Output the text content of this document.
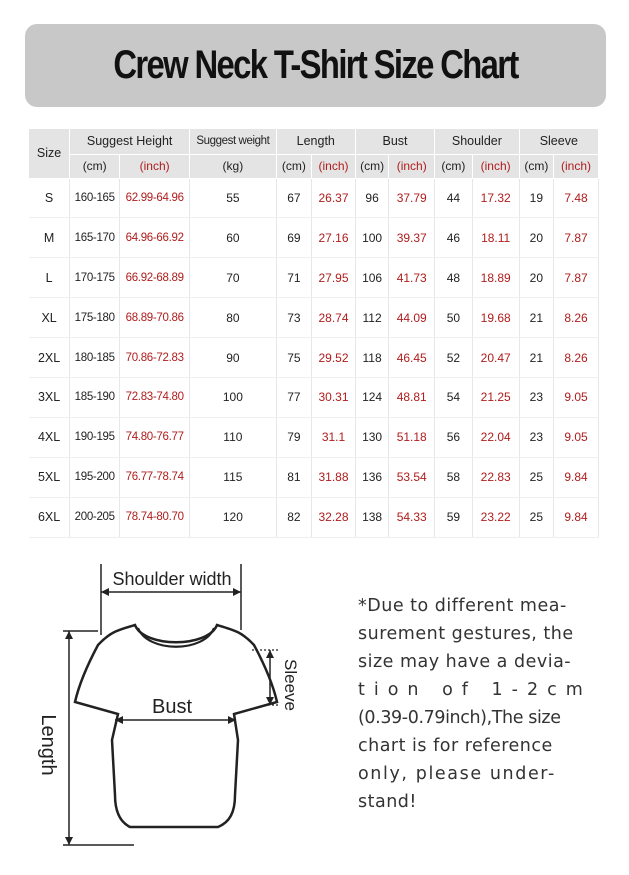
Crew Neck T-Shirt Size Chart
Size	Suggest Height		Suggest weight	Length		Bust		Shoulder		Sleeve	
	(cm)	(inch)	(kg)	(cm)	(inch)	(cm)	(inch)	(cm)	(inch)	(cm)	(inch)
S	160-165	62.99-64.96	55	67	26.37	96	37.79	44	17.32	19	7.48
M	165-170	64.96-66.92	60	69	27.16	100	39.37	46	18.11	20	7.87
L	170-175	66.92-68.89	70	71	27.95	106	41.73	48	18.89	20	7.87
XL	175-180	68.89-70.86	80	73	28.74	112	44.09	50	19.68	21	8.26
2XL	180-185	70.86-72.83	90	75	29.52	118	46.45	52	20.47	21	8.26
3XL	185-190	72.83-74.80	100	77	30.31	124	48.81	54	21.25	23	9.05
4XL	190-195	74.80-76.77	110	79	31.1	130	51.18	56	22.04	23	9.05
5XL	195-200	76.77-78.74	115	81	31.88	136	53.54	58	22.83	25	9.84
6XL	200-205	78.74-80.70	120	82	32.28	138	54.33	59	23.22	25	9.84
Shoulder width
Bust
Length
Sleeve
*Due to different mea-
surement gestures, the
size may have a devia-
tion of 1-2cm
(0.39-0.79inch),The size
chart is for reference
only, please under-
stand!
